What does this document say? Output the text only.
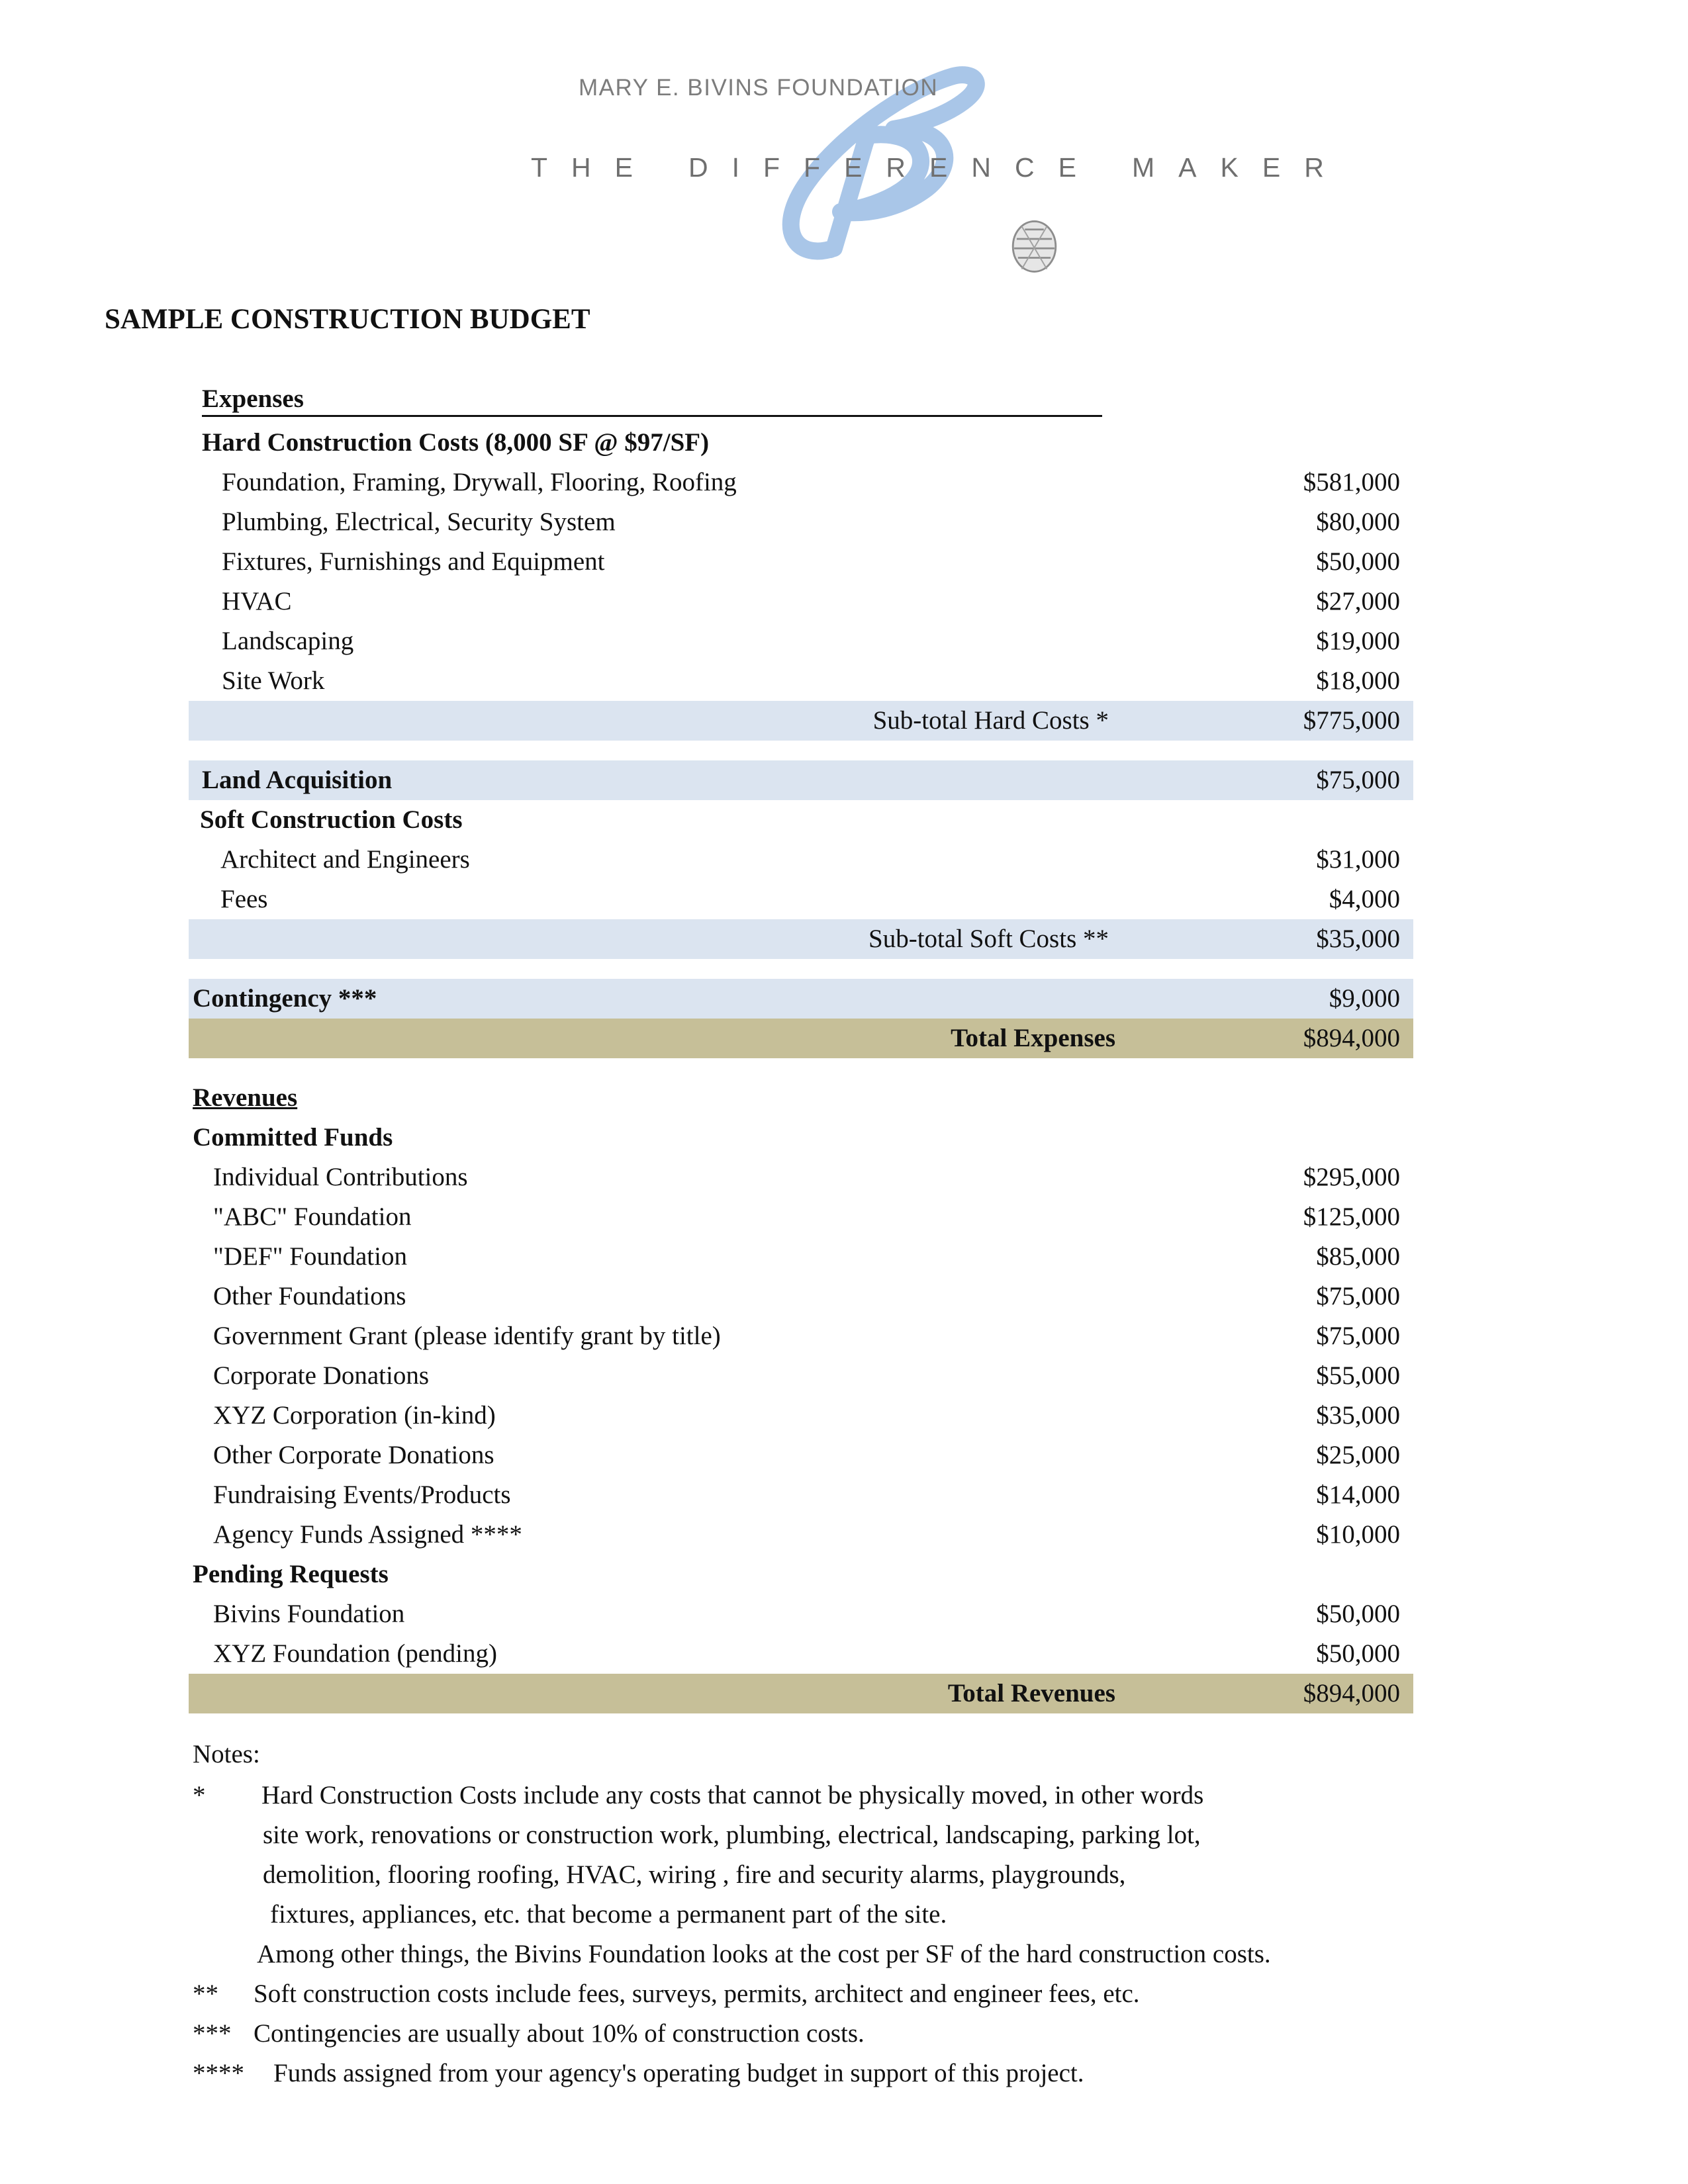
MARY E. BIVINS FOUNDATION
THE DIFFERENCE MAKER
SAMPLE CONSTRUCTION BUDGET
Expenses
Hard Construction Costs (8,000 SF @ $97/SF)
Foundation, Framing, Drywall, Flooring, Roofing	$581,000
Plumbing, Electrical, Security System	$80,000
Fixtures, Furnishings and Equipment	$50,000
HVAC	$27,000
Landscaping	$19,000
Site Work	$18,000
Sub-total Hard Costs *	$775,000
Land Acquisition	$75,000
Soft Construction Costs
Architect and Engineers	$31,000
Fees	$4,000
Sub-total Soft Costs **	$35,000
Contingency ***	$9,000
Total Expenses	$894,000
Revenues
Committed Funds
Individual Contributions	$295,000
"ABC" Foundation	$125,000
"DEF" Foundation	$85,000
Other Foundations	$75,000
Government Grant (please identify grant by title)	$75,000
Corporate Donations	$55,000
XYZ Corporation (in-kind)	$35,000
Other Corporate Donations	$25,000
Fundraising Events/Products	$14,000
Agency Funds Assigned ****	$10,000
Pending Requests
Bivins Foundation	$50,000
XYZ Foundation (pending)	$50,000
Total Revenues	$894,000
Notes:
* Hard Construction Costs include any costs that cannot be physically moved, in other words
site work, renovations or construction work, plumbing, electrical, landscaping, parking lot,
demolition, flooring roofing, HVAC, wiring , fire and security alarms, playgrounds,
fixtures, appliances, etc. that become a permanent part of the site.
Among other things, the Bivins Foundation looks at the cost per SF of the hard construction costs.
** Soft construction costs include fees, surveys, permits, architect and engineer fees, etc.
*** Contingencies are usually about 10% of construction costs.
**** Funds assigned from your agency's operating budget in support of this project.
